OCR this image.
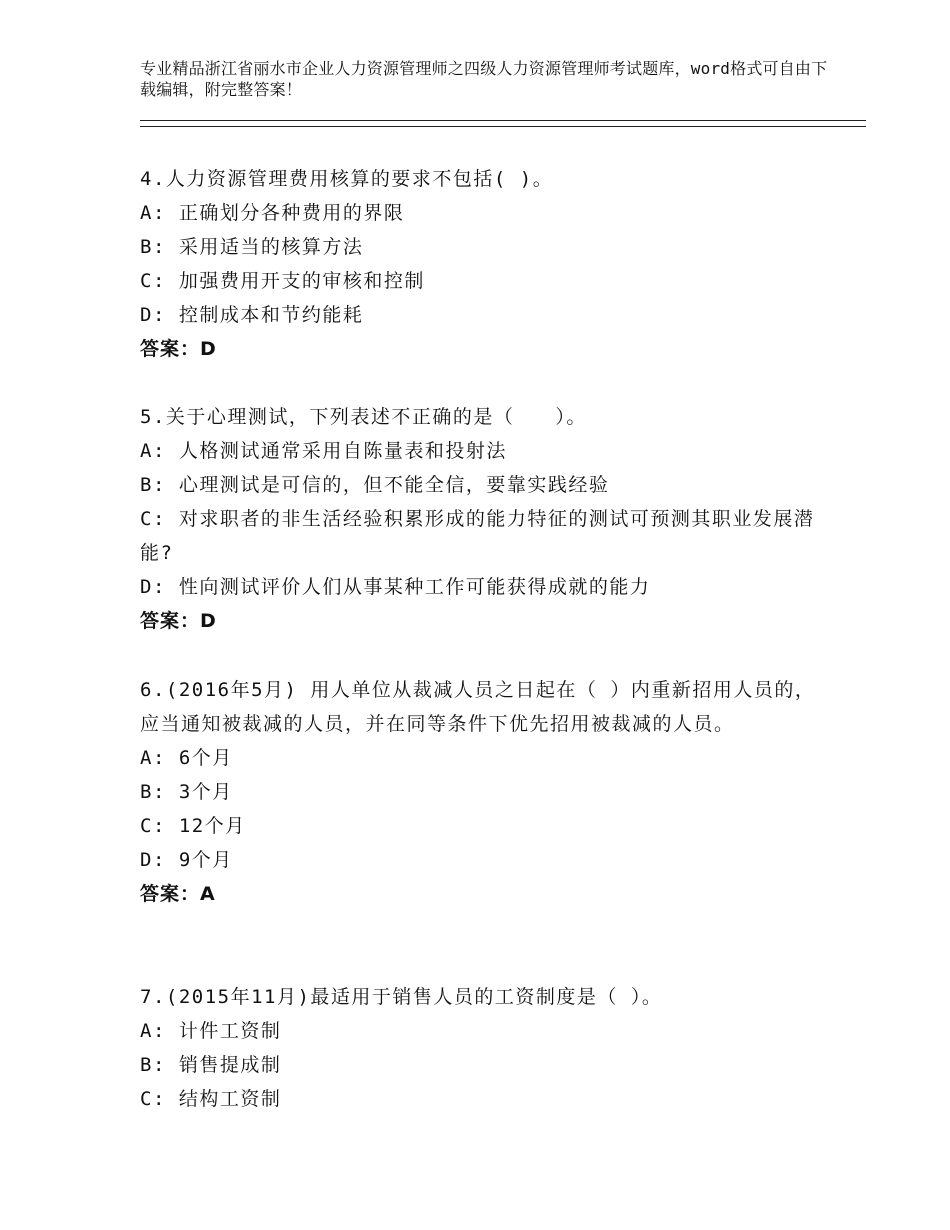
专业精品浙江省丽水市企业人力资源管理师之四级人力资源管理师考试题库，word格式可自由下载编辑，附完整答案！

4.人力资源管理费用核算的要求不包括( )。

A: 正确划分各种费用的界限

B: 采用适当的核算方法

C: 加强费用开支的审核和控制

D: 控制成本和节约能耗

答案：D

5.关于心理测试，下列表述不正确的是（　　）。

A: 人格测试通常采用自陈量表和投射法

B: 心理测试是可信的，但不能全信，要靠实践经验

C: 对求职者的非生活经验积累形成的能力特征的测试可预测其职业发展潜能?

D: 性向测试评价人们从事某种工作可能获得成就的能力

答案：D

6.(2016年5月) 用人单位从裁减人员之日起在（ ）内重新招用人员的，应当通知被裁减的人员，并在同等条件下优先招用被裁减的人员。

A: 6个月

B: 3个月

C: 12个月

D: 9个月

答案：A

7.(2015年11月)最适用于销售人员的工资制度是（ ）。

A: 计件工资制

B: 销售提成制

C: 结构工资制
